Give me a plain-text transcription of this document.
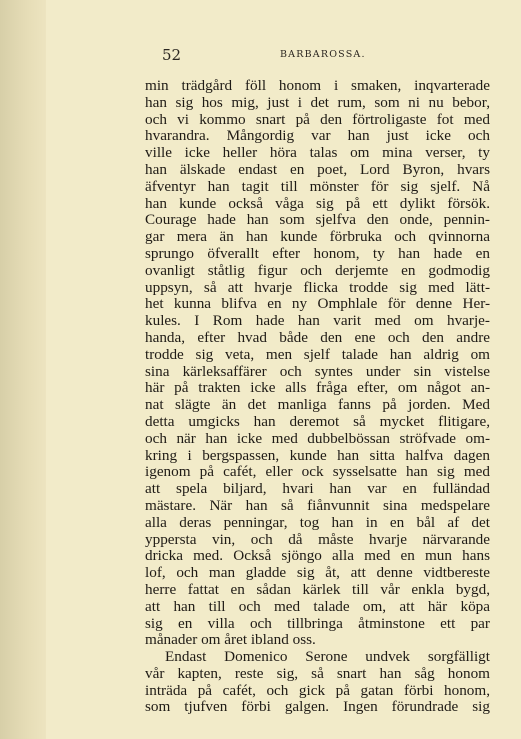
52	BARBAROSSA.
min trädgård föll honom i smaken, inqvarterade
han sig hos mig, just i det rum, som ni nu bebor,
och vi kommo snart på den förtroligaste fot med
hvarandra. Mångordig var han just icke och
ville icke heller höra talas om mina verser, ty
han älskade endast en poet, Lord Byron, hvars
äfventyr han tagit till mönster för sig sjelf. Nå
han kunde också våga sig på ett dylikt försök.
Courage hade han som sjelfva den onde, pennin-
gar mera än han kunde förbruka och qvinnorna
sprungo öfverallt efter honom, ty han hade en
ovanligt ståtlig figur och derjemte en godmodig
uppsyn, så att hvarje flicka trodde sig med lätt-
het kunna blifva en ny Omphlale för denne Her-
kules. I Rom hade han varit med om hvarje-
handa, efter hvad både den ene och den andre
trodde sig veta, men sjelf talade han aldrig om
sina kärleksaffärer och syntes under sin vistelse
här på trakten icke alls fråga efter, om något an-
nat slägte än det manliga fanns på jorden. Med
detta umgicks han deremot så mycket flitigare,
och när han icke med dubbelbössan ströfvade om-
kring i bergspassen, kunde han sitta halfva dagen
igenom på cafét, eller ock sysselsatte han sig med
att spela biljard, hvari han var en fulländad
mästare. När han så fiånvunnit sina medspelare
alla deras penningar, tog han in en bål af det
yppersta vin, och då måste hvarje närvarande
dricka med. Också sjöngo alla med en mun hans
lof, och man gladde sig åt, att denne vidtbereste
herre fattat en sådan kärlek till vår enkla bygd,
att han till och med talade om, att här köpa
sig en villa och tillbringa åtminstone ett par
månader om året ibland oss.
Endast Domenico Serone undvek sorgfälligt
vår kapten, reste sig, så snart han såg honom
inträda på cafét, och gick på gatan förbi honom,
som tjufven förbi galgen. Ingen förundrade sig
